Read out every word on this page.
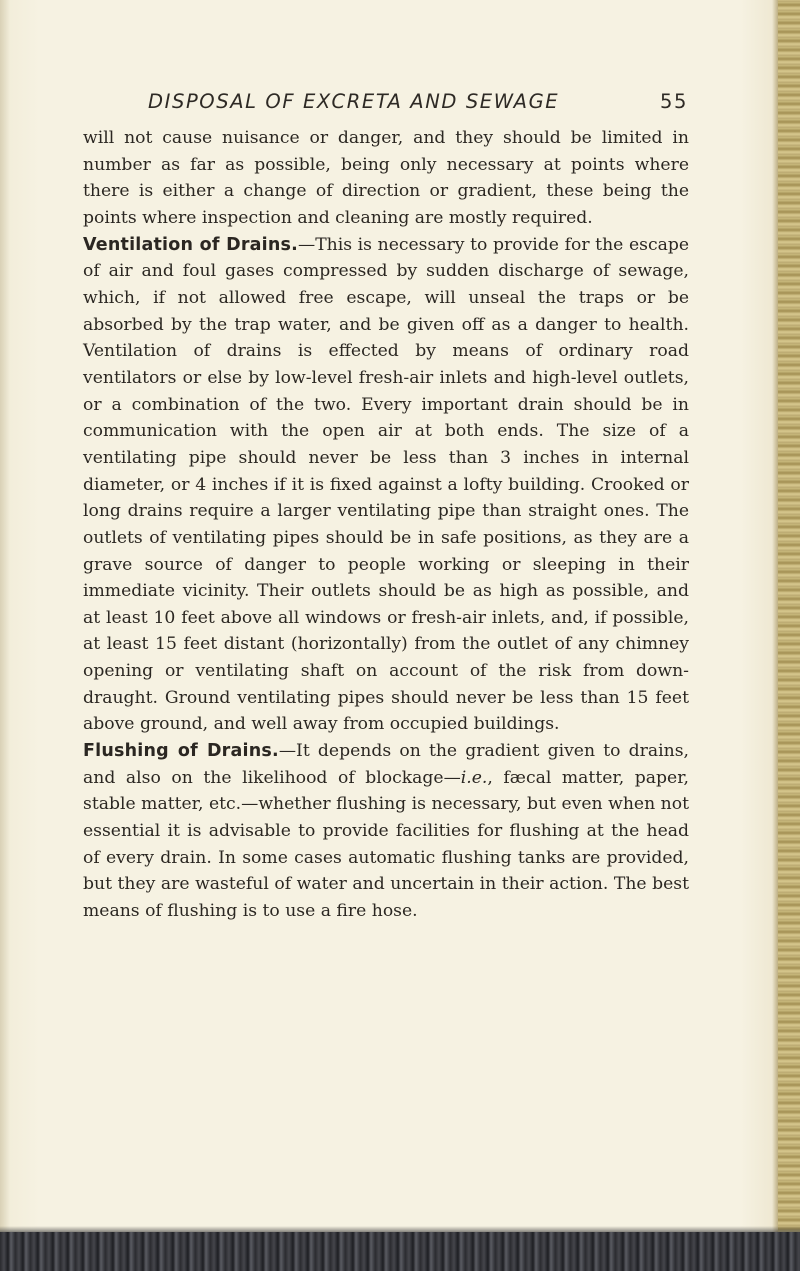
DISPOSAL OF EXCRETA AND SEWAGE	55

will not cause nuisance or danger, and they should be limited in number as far as possible, being only necessary at points where there is either a change of direction or gradient, these being the points where inspection and cleaning are mostly required.

Ventilation of Drains.—This is necessary to provide for the escape of air and foul gases compressed by sudden discharge of sewage, which, if not allowed free escape, will unseal the traps or be absorbed by the trap water, and be given off as a danger to health. Ventilation of drains is effected by means of ordinary road ventilators or else by low-level fresh-air inlets and high-level outlets, or a combination of the two. Every important drain should be in communication with the open air at both ends. The size of a ventilating pipe should never be less than 3 inches in internal diameter, or 4 inches if it is fixed against a lofty building. Crooked or long drains require a larger ventilating pipe than straight ones. The outlets of ventilating pipes should be in safe positions, as they are a grave source of danger to people working or sleeping in their immediate vicinity. Their outlets should be as high as possible, and at least 10 feet above all windows or fresh-air inlets, and, if possible, at least 15 feet distant (horizontally) from the outlet of any chimney opening or ventilating shaft on account of the risk from down-draught. Ground ventilating pipes should never be less than 15 feet above ground, and well away from occupied buildings.

Flushing of Drains.—It depends on the gradient given to drains, and also on the likelihood of blockage—i.e., fæcal matter, paper, stable matter, etc.—whether flushing is necessary, but even when not essential it is advisable to provide facilities for flushing at the head of every drain. In some cases automatic flushing tanks are provided, but they are wasteful of water and uncertain in their action. The best means of flushing is to use a fire hose.
